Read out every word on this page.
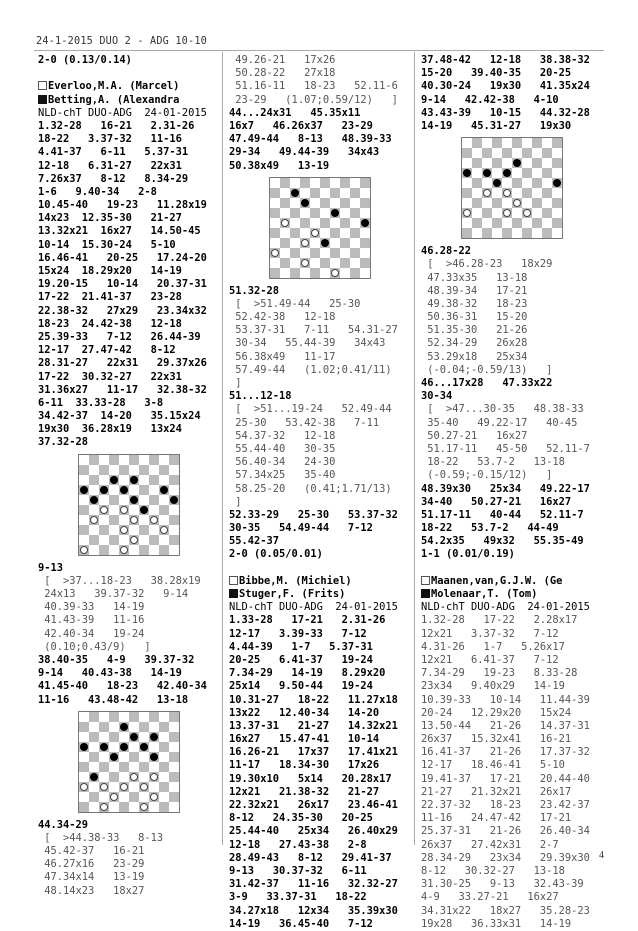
24-1-2015 DUO 2 - ADG 10-10
2-0 (0.13/0.14)
Everloo,M.A. (Marcel)
Betting,A. (Alexandra
NLD-chT DUO-ADG  24-01-2015
1.32-28   16-21   2.31-26
18-22   3.37-32   11-16
4.41-37   6-11   5.37-31
12-18   6.31-27   22x31
7.26x37   8-12   8.34-29
1-6   9.40-34   2-8
10.45-40   19-23   11.28x19
14x23  12.35-30   21-27
13.32x21  16x27   14.50-45
10-14  15.30-24   5-10
16.46-41   20-25   17.24-20
15x24  18.29x20   14-19
19.20-15   10-14   20.37-31
17-22  21.41-37   23-28
22.38-32   27x29   23.34x32
18-23  24.42-38   12-18
25.39-33   7-12   26.44-39
12-17  27.47-42   8-12
28.31-27   22x31   29.37x26
17-22  30.32-27   22x31
31.36x27   11-17   32.38-32
6-11  33.33-28   3-8
34.42-37  14-20   35.15x24
19x30  36.28x19   13x24
37.32-28
9-13
[  >37...18-23   38.28x19
24x13   39.37-32   9-14
40.39-33   14-19
41.43-39   11-16
42.40-34   19-24
(0.10;0.43/9)   ]
38.40-35   4-9   39.37-32
9-14   40.43-38   14-19
41.45-40   18-23   42.40-34
11-16   43.48-42   13-18
44.34-29
[  >44.38-33   8-13
45.42-37   16-21
46.27x16   23-29
47.34x14   13-19
48.14x23   18x27
49.26-21   17x26
50.28-22   27x18
51.16-11   18-23   52.11-6
23-29   (1.07;0.59/12)   ]
44...24x31   45.35x11
16x7   46.26x37   23-29
47.49-44   8-13   48.39-33
29-34   49.44-39   34x43
50.38x49   13-19
51.32-28
[  >51.49-44   25-30
52.42-38   12-18
53.37-31   7-11   54.31-27
30-34   55.44-39   34x43
56.38x49   11-17
57.49-44   (1.02;0.41/11)
]
51...12-18
[  >51...19-24   52.49-44
25-30   53.42-38   7-11
54.37-32   12-18
55.44-40   30-35
56.40-34   24-30
57.34x25   35-40
58.25-20   (0.41;1.71/13)
]
52.33-29   25-30   53.37-32
30-35   54.49-44   7-12
55.42-37
2-0 (0.05/0.01)
Bibbe,M. (Michiel)
Stuger,F. (Frits)
NLD-chT DUO-ADG  24-01-2015
1.33-28   17-21   2.31-26
12-17   3.39-33   7-12
4.44-39   1-7   5.37-31
20-25   6.41-37   19-24
7.34-29   14-19   8.29x20
25x14   9.50-44   19-24
10.31-27   18-22   11.27x18
13x22   12.40-34   14-20
13.37-31   21-27   14.32x21
16x27   15.47-41   10-14
16.26-21   17x37   17.41x21
11-17   18.34-30   17x26
19.30x10   5x14   20.28x17
12x21   21.38-32   21-27
22.32x21   26x17   23.46-41
8-12   24.35-30   20-25
25.44-40   25x34   26.40x29
12-18   27.43-38   2-8
28.49-43   8-12   29.41-37
9-13   30.37-32   6-11
31.42-37   11-16   32.32-27
3-9   33.37-31   18-22
34.27x18   12x34   35.39x30
14-19   36.45-40   7-12
37.48-42   12-18   38.38-32
15-20   39.40-35   20-25
40.30-24   19x30   41.35x24
9-14   42.42-38   4-10
43.43-39   10-15   44.32-28
14-19   45.31-27   19x30
46.28-22
[  >46.28-23   18x29
47.33x35   13-18
48.39-34   17-21
49.38-32   18-23
50.36-31   15-20
51.35-30   21-26
52.34-29   26x28
53.29x18   25x34
(-0.04;-0.59/13)   ]
46...17x28   47.33x22
30-34
[  >47...30-35   48.38-33
35-40   49.22-17   40-45
50.27-21   16x27
51.17-11   45-50   52.11-7
18-22   53.7-2   13-18
(-0.59;-0.15/12)   ]
48.39x30   25x34   49.22-17
34-40   50.27-21   16x27
51.17-11   40-44   52.11-7
18-22   53.7-2   44-49
54.2x35   49x32   55.35-49
1-1 (0.01/0.19)
Maanen,van,G.J.W. (Ge
Molenaar,T. (Tom)
NLD-chT DUO-ADG  24-01-2015
1.32-28   17-22   2.28x17
12x21   3.37-32   7-12
4.31-26   1-7   5.26x17
12x21   6.41-37   7-12
7.34-29   19-23   8.33-28
23x34   9.40x29   14-19
10.39-33   10-14   11.44-39
20-24   12.29x20   15x24
13.50-44   21-26   14.37-31
26x37   15.32x41   16-21
16.41-37   21-26   17.37-32
12-17   18.46-41   5-10
19.41-37   17-21   20.44-40
21-27   21.32x21   26x17
22.37-32   18-23   23.42-37
11-16   24.47-42   17-21
25.37-31   21-26   26.40-34
26x37   27.42x31   2-7
28.34-29   23x34   29.39x30
8-12   30.32-27   13-18
31.30-25   9-13   32.43-39
4-9   33.27-21   16x27
34.31x22   18x27   35.28-23
19x28   36.33x31   14-19
4
